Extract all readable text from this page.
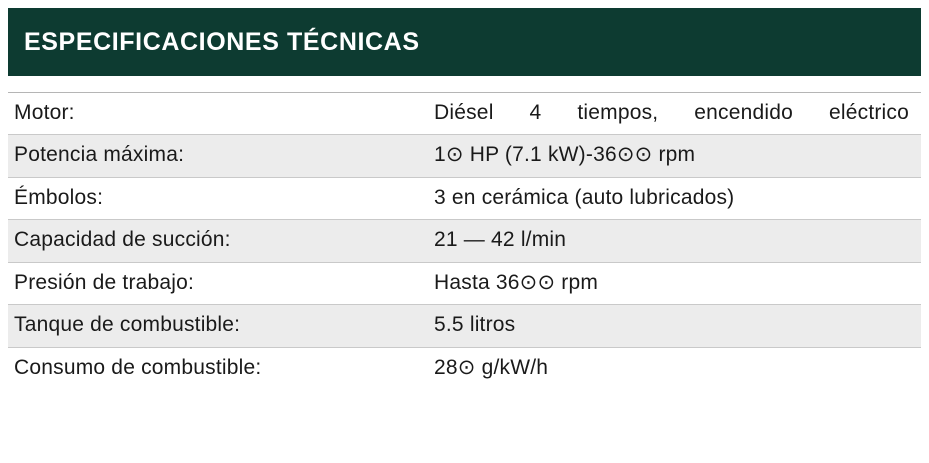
ESPECIFICACIONES TÉCNICAS
Motor:	Diésel 4 tiempos, encendido eléctrico
Potencia máxima:	1⊙ HP (7.1 kW)-36⊙⊙ rpm
Émbolos:	3 en cerámica (auto lubricados)
Capacidad de succión:	21 — 42 l/min
Presión de trabajo:	Hasta 36⊙⊙ rpm
Tanque de combustible:	5.5 litros
Consumo de combustible:	28⊙ g/kW/h
